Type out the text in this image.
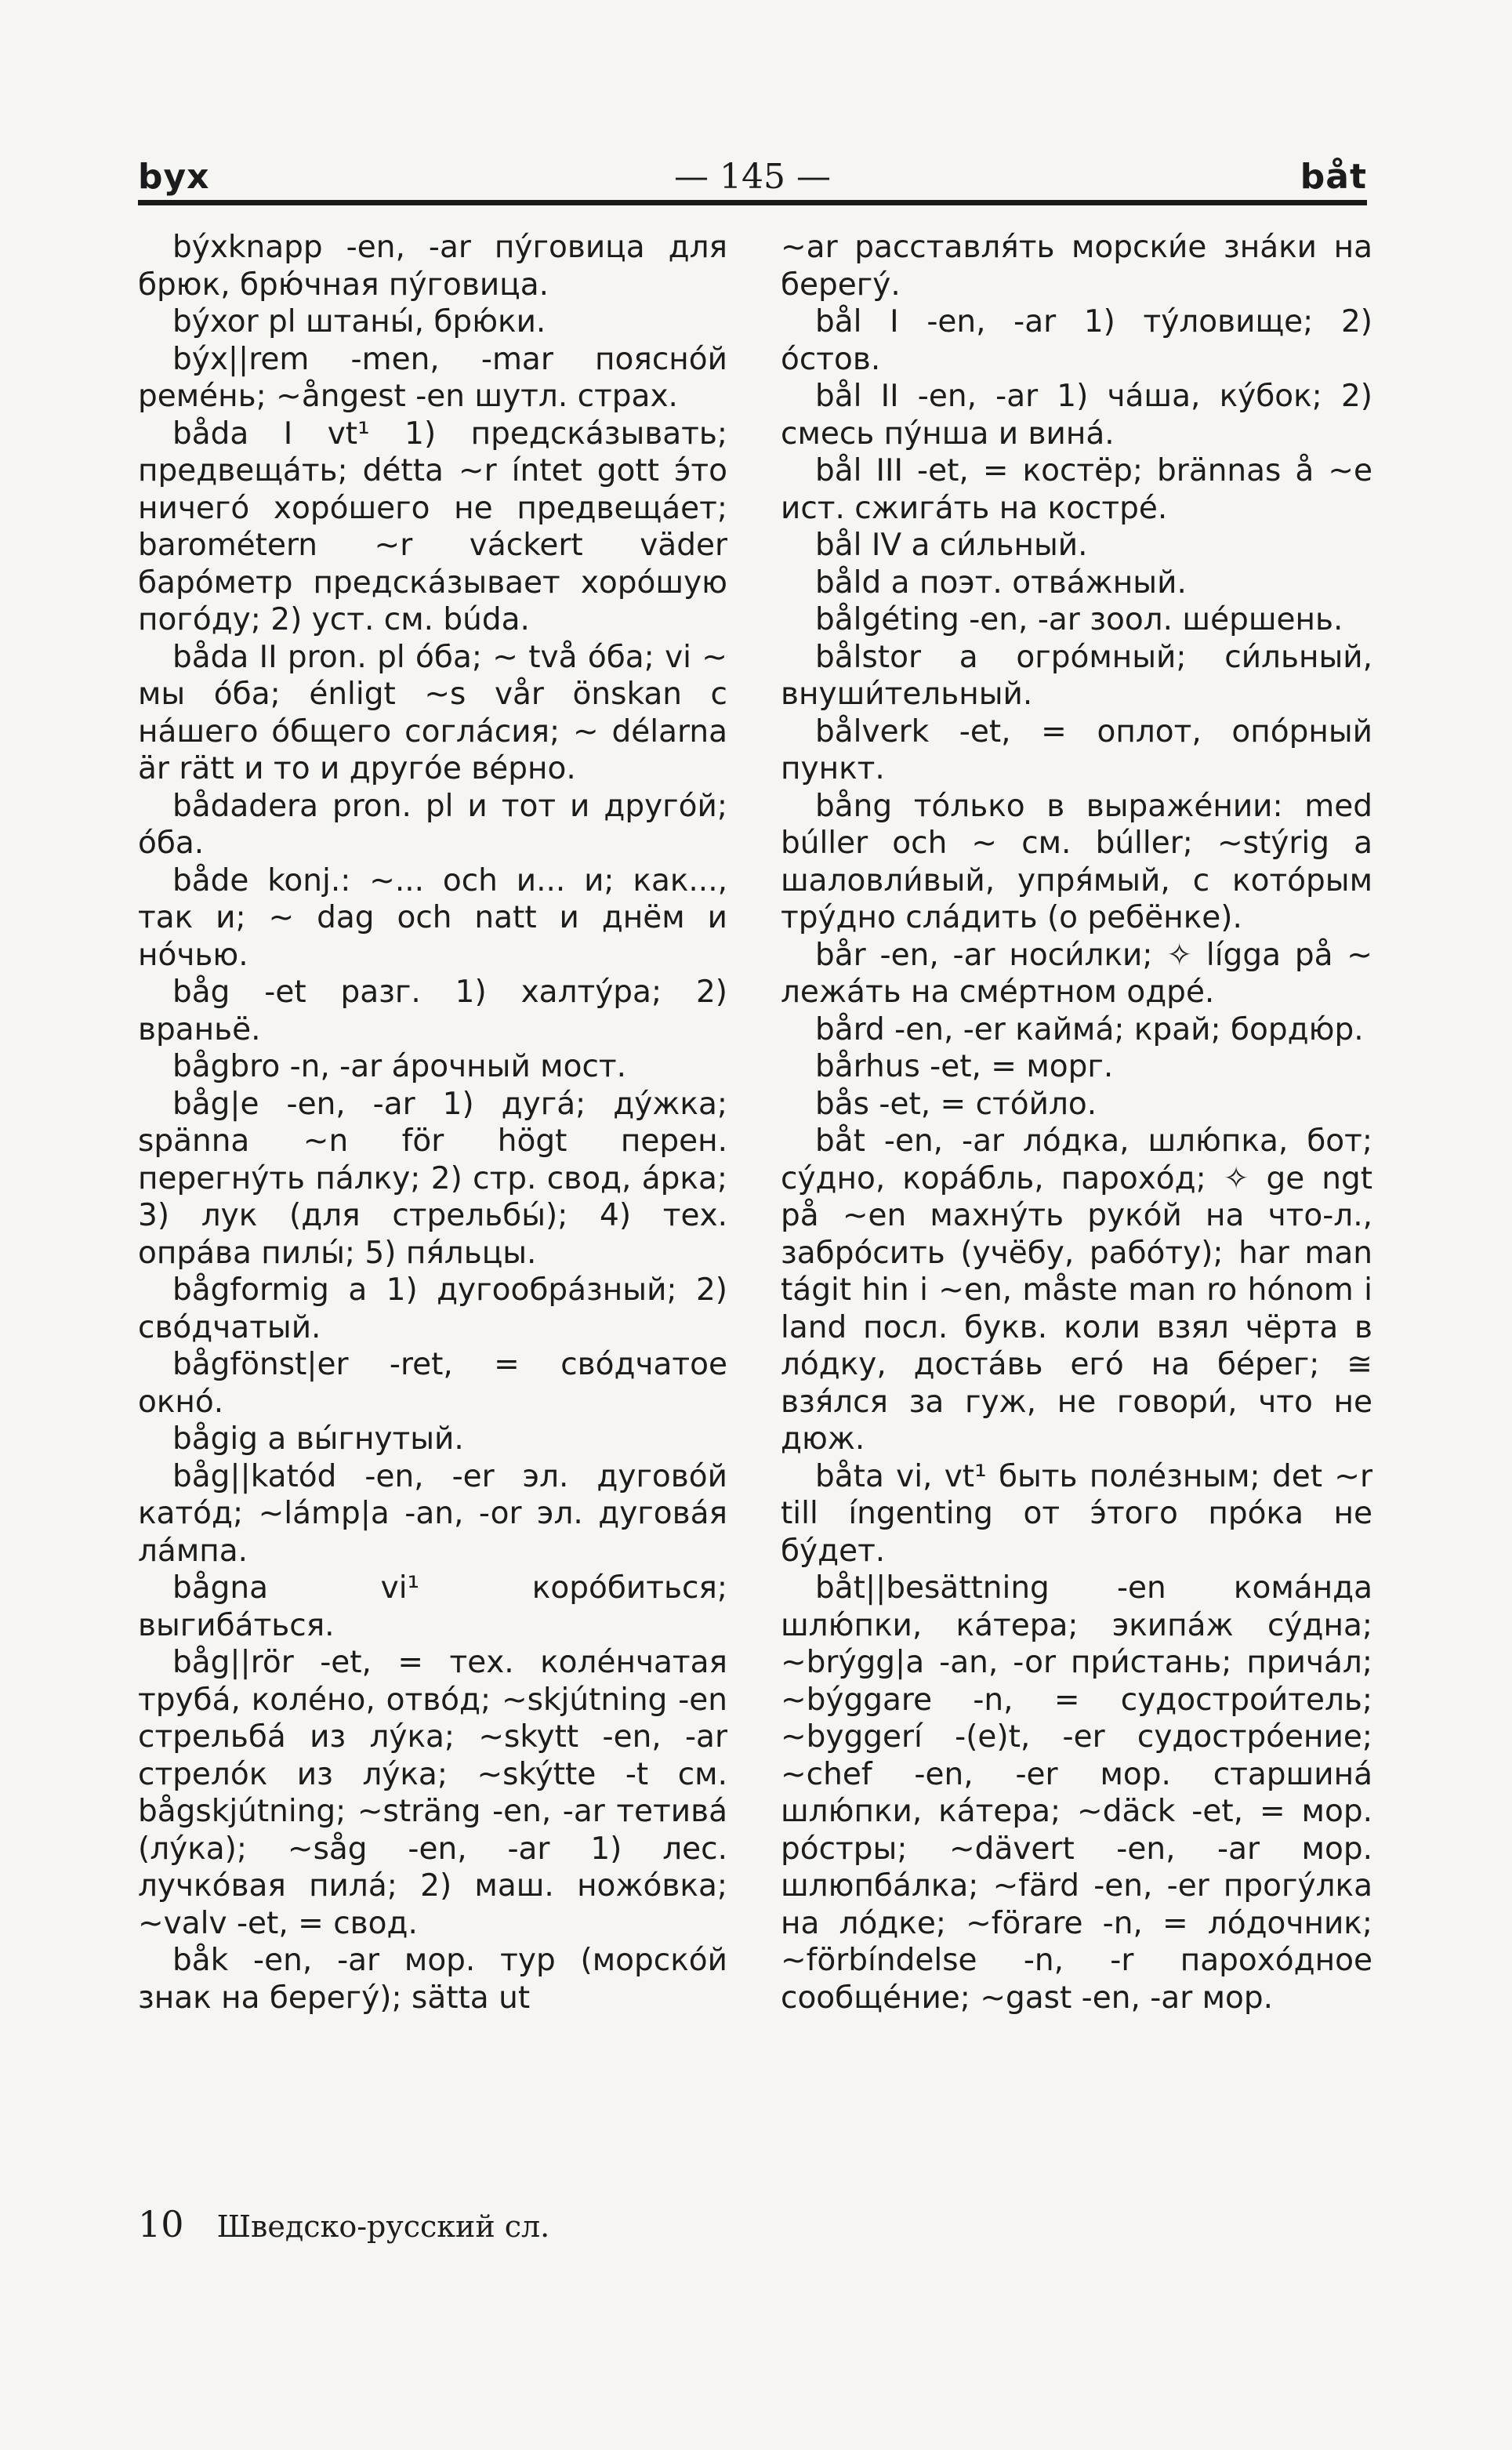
byx	— 145 —	båt
býxknapp -en, -ar пу́говица для брюк, брю́чная пу́говица.
býxor pl штаны́, брю́ки.
býx||rem -men, -mar поясно́й реме́нь; ~ångest -en шутл. страх.
båda I vt¹ 1) предска́зывать; предвеща́ть; détta ~r íntet gott э́то ничего́ хоро́шего не предвеща́ет; barométern ~r váckert väder баро́метр предска́зывает хоро́шую пого́ду; 2) уст. см. búda.
båda II pron. pl о́ба; ~ två о́ба; vi ~ мы о́ба; énligt ~s vår önskan с на́шего о́бщего согла́сия; ~ délarna är rätt и то и друго́е ве́рно.
bådadera pron. pl и тот и друго́й; о́ба.
både konj.: ~... och и... и; как..., так и; ~ dag och natt и днём и но́чью.
båg -et разг. 1) халту́ра; 2) враньё.
bågbro -n, -ar а́рочный мост.
båg|e -en, -ar 1) дуга́; ду́жка; spänna ~n för högt перен. перегну́ть па́лку; 2) стр. свод, а́рка; 3) лук (для стрельбы́); 4) тех. опра́ва пилы́; 5) пя́льцы.
bågformig a 1) дугообра́зный; 2) сво́дчатый.
bågfönst|er -ret, = сво́дчатое окно́.
bågig a вы́гнутый.
båg||katód -en, -er эл. дугово́й като́д; ~lámp|a -an, -or эл. дугова́я ла́мпа.
bågna vi¹ коро́биться; выгиба́ться.
båg||rör -et, = тех. коле́нчатая труба́, коле́но, отво́д; ~skjútning -en стрельба́ из лу́ка; ~skytt -en, -ar стрело́к из лу́ка; ~skýtte -t см. bågskjútning; ~sträng -en, -ar тетива́ (лу́ка); ~såg -en, -ar 1) лес. лучко́вая пила́; 2) маш. ножо́вка; ~valv -et, = свод.
båk -en, -ar мор. тур (морско́й знак на берегу́); sätta ut
~ar расставля́ть морски́е зна́ки на берегу́.
bål I -en, -ar 1) ту́ловище; 2) о́стов.
bål II -en, -ar 1) ча́ша, ку́бок; 2) смесь пу́нша и вина́.
bål III -et, = костёр; brännas å ~e ист. сжига́ть на костре́.
bål IV a си́льный.
båld a поэт. отва́жный.
bålgéting -en, -ar зоол. ше́ршень.
bålstor a огро́мный; си́льный, внуши́тельный.
bålverk -et, = оплот, опо́рный пункт.
bång то́лько в выраже́нии: med búller och ~ см. búller; ~stýrig a шаловли́вый, упря́мый, с кото́рым тру́дно сла́дить (о ребёнке).
bår -en, -ar носи́лки; ✧ lígga på ~ лежа́ть на сме́ртном одре́.
bård -en, -er кайма́; край; бордю́р.
bårhus -et, = морг.
bås -et, = сто́йло.
båt -en, -ar ло́дка, шлю́пка, бот; су́дно, кора́бль, парохо́д; ✧ ge ngt på ~en махну́ть руко́й на что-л., забро́сить (учёбу, рабо́ту); har man tágit hin i ~en, måste man ro hónom i land посл. букв. коли взял чёрта в ло́дку, доста́вь его́ на бе́рег; ≅ взя́лся за гуж, не говори́, что не дюж.
båta vi, vt¹ быть поле́зным; det ~r till íngenting от э́того про́ка не бу́дет.
båt||besättning -en кома́нда шлю́пки, ка́тера; экипа́ж су́дна; ~brýgg|a -an, -or при́стань; прича́л; ~býggare -n, = судострои́тель; ~byggerí -(e)t, -er судостро́ение; ~chef -en, -er мор. старшина́ шлю́пки, ка́тера; ~däck -et, = мор. ро́стры; ~dävert -en, -ar мор. шлюпба́лка; ~färd -en, -er прогу́лка на ло́дке; ~förare -n, = ло́дочник; ~förbíndelse -n, -r парохо́дное сообще́ние; ~gast -en, -ar мор.
10 Шведско-русский сл.
